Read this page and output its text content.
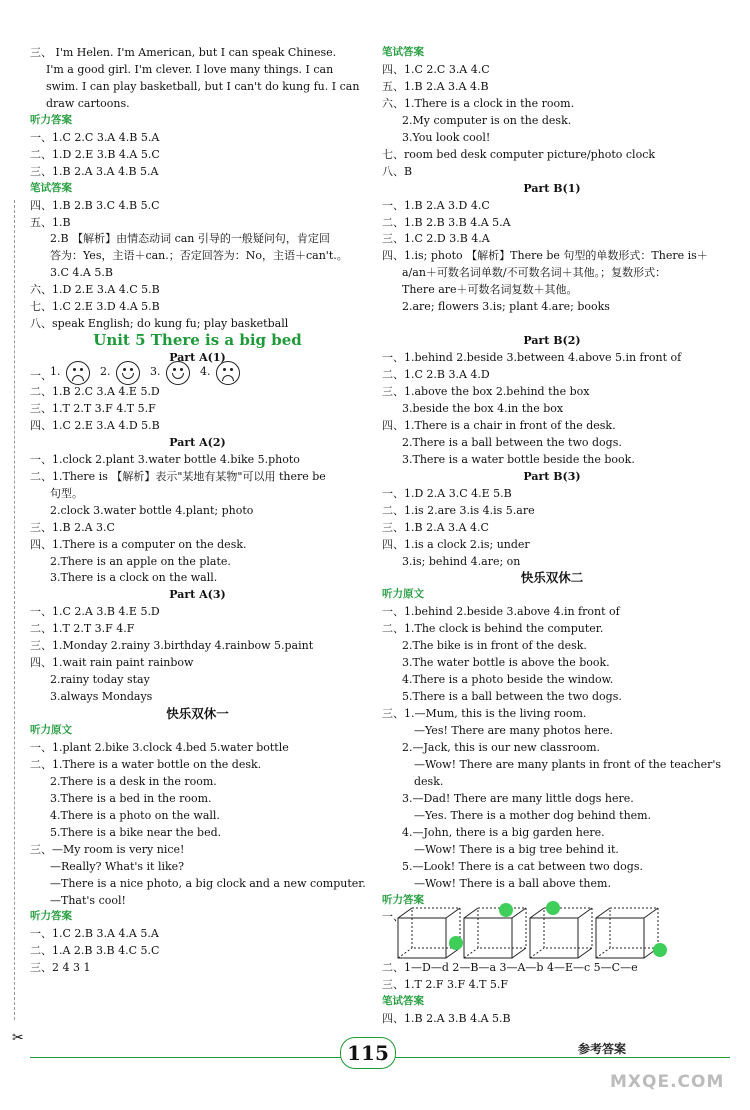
三、 I'm Helen. I'm American, but I can speak Chinese.
I'm a good girl. I'm clever. I love many things. I can
swim. I can play basketball, but I can't do kung fu. I can
draw cartoons.
听力答案
一、1.C 2.C 3.A 4.B 5.A
二、1.D 2.E 3.B 4.A 5.C
三、1.B 2.A 3.A 4.B 5.A
笔试答案
四、1.B 2.B 3.C 4.B 5.C
五、1.B
2.B 【解析】由情态动词 can 引导的一般疑问句，肯定回
答为：Yes，主语＋can.；否定回答为：No，主语＋can't.。
3.C 4.A 5.B
六、1.D 2.E 3.A 4.C 5.B
七、1.C 2.E 3.D 4.A 5.B
八、speak English; do kung fu; play basketball
Unit 5 There is a big bed
Part A(1)
一、
1.	2.	3.	4.
二、1.B 2.C 3.A 4.E 5.D
三、1.T 2.T 3.F 4.T 5.F
四、1.C 2.E 3.A 4.D 5.B
Part A(2)
一、1.clock 2.plant 3.water bottle 4.bike 5.photo
二、1.There is 【解析】表示"某地有某物"可以用 there be
句型。
2.clock 3.water bottle 4.plant; photo
三、1.B 2.A 3.C
四、1.There is a computer on the desk.
2.There is an apple on the plate.
3.There is a clock on the wall.
Part A(3)
一、1.C 2.A 3.B 4.E 5.D
二、1.T 2.T 3.F 4.F
三、1.Monday 2.rainy 3.birthday 4.rainbow 5.paint
四、1.wait rain paint rainbow
2.rainy today stay
3.always Mondays
快乐双休一
听力原文
一、1.plant 2.bike 3.clock 4.bed 5.water bottle
二、1.There is a water bottle on the desk.
2.There is a desk in the room.
3.There is a bed in the room.
4.There is a photo on the wall.
5.There is a bike near the bed.
三、—My room is very nice!
—Really? What's it like?
—There is a nice photo, a big clock and a new computer.
—That's cool!
听力答案
一、1.C 2.B 3.A 4.A 5.A
二、1.A 2.B 3.B 4.C 5.C
三、2 4 3 1
笔试答案
四、1.C 2.C 3.A 4.C
五、1.B 2.A 3.A 4.B
六、1.There is a clock in the room.
2.My computer is on the desk.
3.You look cool!
七、room bed desk computer picture/photo clock
八、B
Part B(1)
一、1.B 2.A 3.D 4.C
二、1.B 2.B 3.B 4.A 5.A
三、1.C 2.D 3.B 4.A
四、1.is; photo 【解析】There be 句型的单数形式：There is＋
a/an＋可数名词单数/不可数名词＋其他。；复数形式：
There are＋可数名词复数＋其他。
2.are; flowers 3.is; plant 4.are; books
Part B(2)
一、1.behind 2.beside 3.between 4.above 5.in front of
二、1.C 2.B 3.A 4.D
三、1.above the box 2.behind the box
3.beside the box 4.in the box
四、1.There is a chair in front of the desk.
2.There is a ball between the two dogs.
3.There is a water bottle beside the book.
Part B(3)
一、1.D 2.A 3.C 4.E 5.B
二、1.is 2.are 3.is 4.is 5.are
三、1.B 2.A 3.A 4.C
四、1.is a clock 2.is; under
3.is; behind 4.are; on
快乐双休二
听力原文
一、1.behind 2.beside 3.above 4.in front of
二、1.The clock is behind the computer.
2.The bike is in front of the desk.
3.The water bottle is above the book.
4.There is a photo beside the window.
5.There is a ball between the two dogs.
三、1.—Mum, this is the living room.
—Yes! There are many photos here.
2.—Jack, this is our new classroom.
—Wow! There are many plants in front of the teacher's
desk.
3.—Dad! There are many little dogs here.
—Yes. There is a mother dog behind them.
4.—John, there is a big garden here.
—Wow! There is a big tree behind it.
5.—Look! There is a cat between two dogs.
—Wow! There is a ball above them.
听力答案
一、
二、1—D—d 2—B—a 3—A—b 4—E—c 5—C—e
三、1.T 2.F 3.F 4.T 5.F
笔试答案
四、1.B 2.A 3.B 4.A 5.B
✂
115	参考答案
MXQE.COM
